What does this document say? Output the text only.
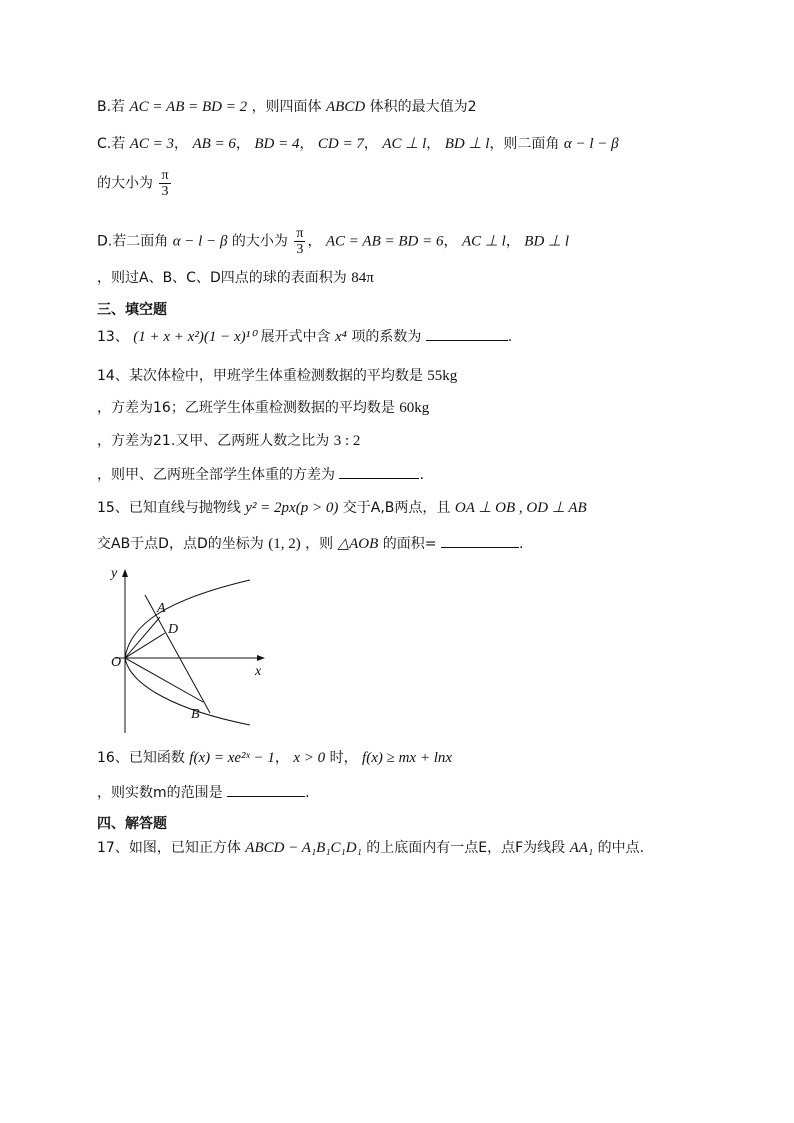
B.若 AC = AB = BD = 2 ，则四面体 ABCD 体积的最大值为2
C.若 AC = 3， AB = 6， BD = 4， CD = 7， AC ⊥ l， BD ⊥ l，则二面角 α − l − β
的大小为 $\frac{\pi}{3}$
D.若二面角 α − l − β 的大小为 $\frac{\pi}{3}$ ， AC = AB = BD = 6， AC ⊥ l， BD ⊥ l
，则过A、B、C、D四点的球的表面积为 84π
三、填空题
13、 (1 + x + x²)(1 − x)¹⁰ 展开式中含 x⁴ 项的系数为	.
14、某次体检中，甲班学生体重检测数据的平均数是 55kg
，方差为16；乙班学生体重检测数据的平均数是 60kg
，方差为21.又甲、乙两班人数之比为 3 : 2
，则甲、乙两班全部学生体重的方差为	.
15、已知直线与抛物线 y² = 2px(p > 0) 交于A,B两点，且 OA ⊥ OB , OD ⊥ AB
交AB于点D，点D的坐标为 (1, 2) ，则 △AOB 的面积=	.
y
x
O
A
D
B
16、已知函数 f(x) = xe²ˣ − 1， x > 0 时， f(x) ≥ mx + lnx
，则实数m的范围是	.
四、解答题
17、如图，已知正方体 ABCD − A₁B₁C₁D₁ 的上底面内有一点E，点F为线段 AA₁ 的中点.
